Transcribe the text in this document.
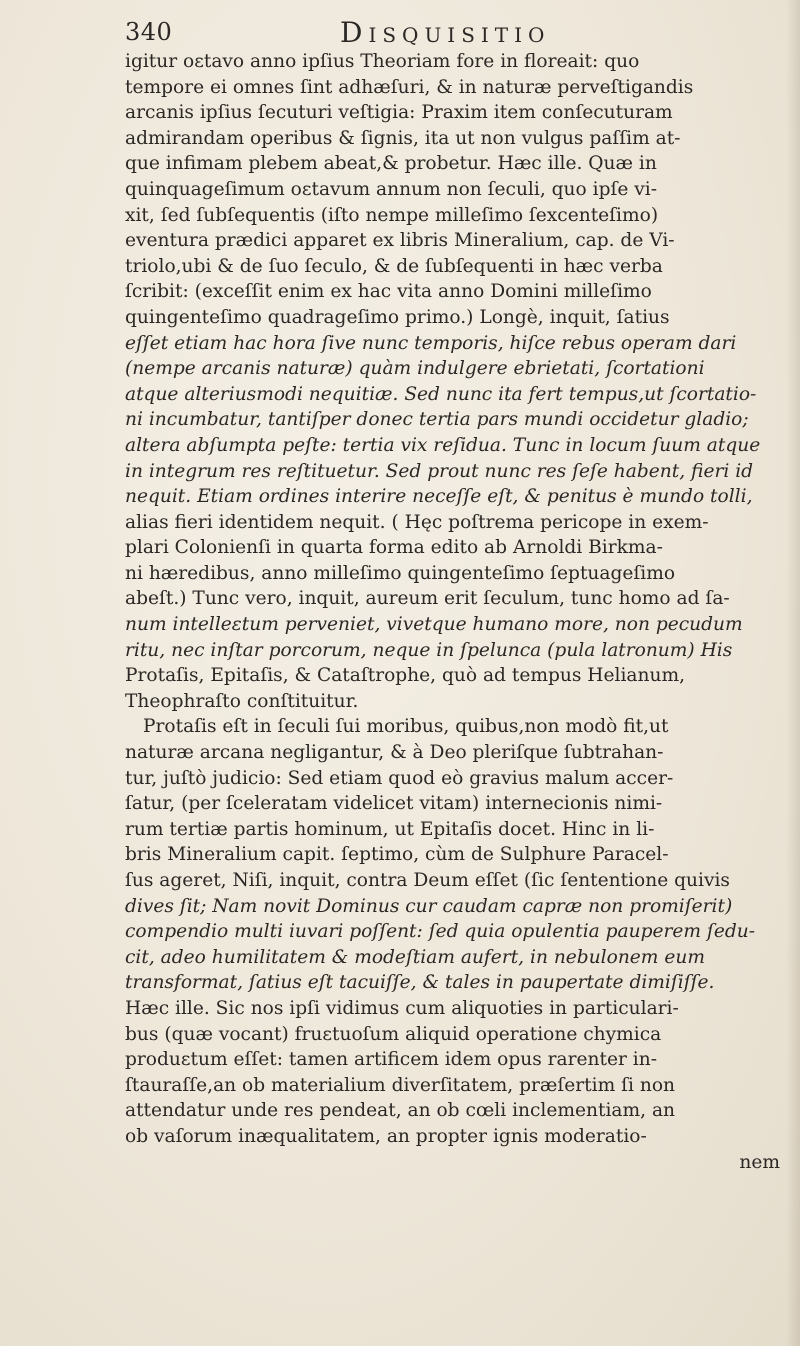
340	Disquisitio
igitur oɛtavo anno ipſius Theoriam fore in floreait: quo
tempore ei omnes ſint adhæſuri, & in naturæ perveſtigandis
arcanis ipſius ſecuturi veſtigia: Praxim item conſecuturam
admirandam operibus & ſignis, ita ut non vulgus paſſim at-
que infimam plebem abeat,& probetur. Hæc ille. Quæ in
quinquageſimum oɛtavum annum non ſeculi, quo ipſe vi-
xit, ſed ſubſequentis (iſto nempe milleſimo ſexcenteſimo)
eventura prædici apparet ex libris Mineralium, cap. de Vi-
triolo,ubi & de ſuo ſeculo, & de ſubſequenti in hæc verba
ſcribit: (exceſſit enim ex hac vita anno Domini milleſimo
quingenteſimo quadrageſimo primo.) Longè, inquit, ſatius
eſſet etiam hac hora ſive nunc temporis, hiſce rebus operam dari
(nempe arcanis naturæ) quàm indulgere ebrietati, ſcortationi
atque alteriusmodi nequitiæ. Sed nunc ita fert tempus,ut ſcortatio-
ni incumbatur, tantiſper donec tertia pars mundi occidetur gladio;
altera abſumpta peſte: tertia vix reſidua. Tunc in locum ſuum atque
in integrum res reſtituetur. Sed prout nunc res ſeſe habent, fieri id
nequit. Etiam ordines interire neceſſe eſt, & penitus è mundo tolli,
alias fieri identidem nequit. ( Hęc poſtrema pericope in exem-
plari Colonienſi in quarta forma edito ab Arnoldi Birkma-
ni hæredibus, anno milleſimo quingenteſimo ſeptuageſimo
abeſt.) Tunc vero, inquit, aureum erit ſeculum, tunc homo ad ſa-
num intelleɛtum perveniet, vivetque humano more, non pecudum
ritu, nec inſtar porcorum, neque in ſpelunca (pula latronum) His
Protaſis, Epitaſis, & Cataſtrophe, quò ad tempus Helianum,
Theophraſto conſtituitur.
Protaſis eſt in ſeculi ſui moribus, quibus,non modò fit,ut
naturæ arcana negligantur, & à Deo pleriſque ſubtrahan-
tur, juſtò judicio: Sed etiam quod eò gravius malum accer-
ſatur, (per ſceleratam videlicet vitam) internecionis nimi-
rum tertiæ partis hominum, ut Epitaſis docet. Hinc in li-
bris Mineralium capit. ſeptimo, cùm de Sulphure Paracel-
ſus ageret, Niſi, inquit, contra Deum eſſet (ſic ſententione quivis
dives ſit; Nam novit Dominus cur caudam capræ non promiſerit)
compendio multi iuvari poſſent: ſed quia opulentia pauperem ſedu-
cit, adeo humilitatem & modeſtiam aufert, in nebulonem eum
transformat, ſatius eſt tacuiſſe, & tales in paupertate dimiſiſſe.
Hæc ille. Sic nos ipſi vidimus cum aliquoties in particulari-
bus (quæ vocant) fruɛtuoſum aliquid operatione chymica
produɛtum eſſet: tamen artificem idem opus rarenter in-
ſtauraſſe,an ob materialium diverſitatem, præſertim ſi non
attendatur unde res pendeat, an ob cœli inclementiam, an
ob vaſorum inæqualitatem, an propter ignis moderatio-
nem
